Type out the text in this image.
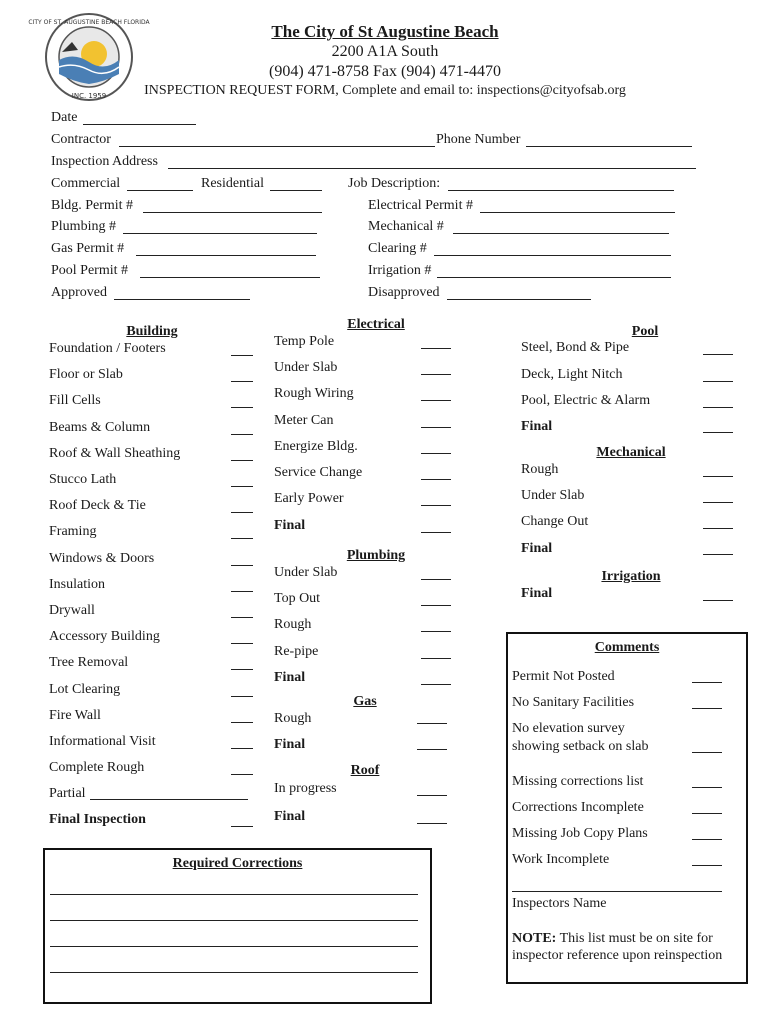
CITY OF ST. AUGUSTINE BEACH FLORIDA
INC. 1959
The City of St Augustine Beach
2200 A1A South
(904) 471-8758 Fax (904) 471-4470
INSPECTION REQUEST FORM, Complete and email to: inspections@cityofsab.org
Date
Contractor	Phone Number
Inspection Address
Commercial	Residential	Job Description:
Bldg. Permit #	Electrical Permit #
Plumbing #	Mechanical #
Gas Permit #	Clearing #
Pool Permit #	Irrigation #
Approved	Disapproved
Building
Foundation / Footers
Floor or Slab
Fill Cells
Beams & Column
Roof & Wall Sheathing
Stucco Lath
Roof Deck & Tie
Framing
Windows & Doors
Insulation
Drywall
Accessory Building
Tree Removal
Lot Clearing
Fire Wall
Informational Visit
Complete Rough
Partial
Final Inspection
Electrical
Temp Pole
Under Slab
Rough Wiring
Meter Can
Energize Bldg.
Service Change
Early Power
Final
Plumbing
Under Slab
Top Out
Rough
Re-pipe
Final
Gas
Rough
Final
Roof
In progress
Final
Pool
Steel, Bond & Pipe
Deck, Light Nitch
Pool, Electric & Alarm
Final
Mechanical
Rough
Under Slab
Change Out
Final
Irrigation
Final
Comments
Permit Not Posted
No Sanitary Facilities
No elevation survey
showing setback on slab
Missing corrections list
Corrections Incomplete
Missing Job Copy Plans
Work Incomplete
Inspectors Name
NOTE: This list must be on site for
inspector reference upon reinspection
Required Corrections
